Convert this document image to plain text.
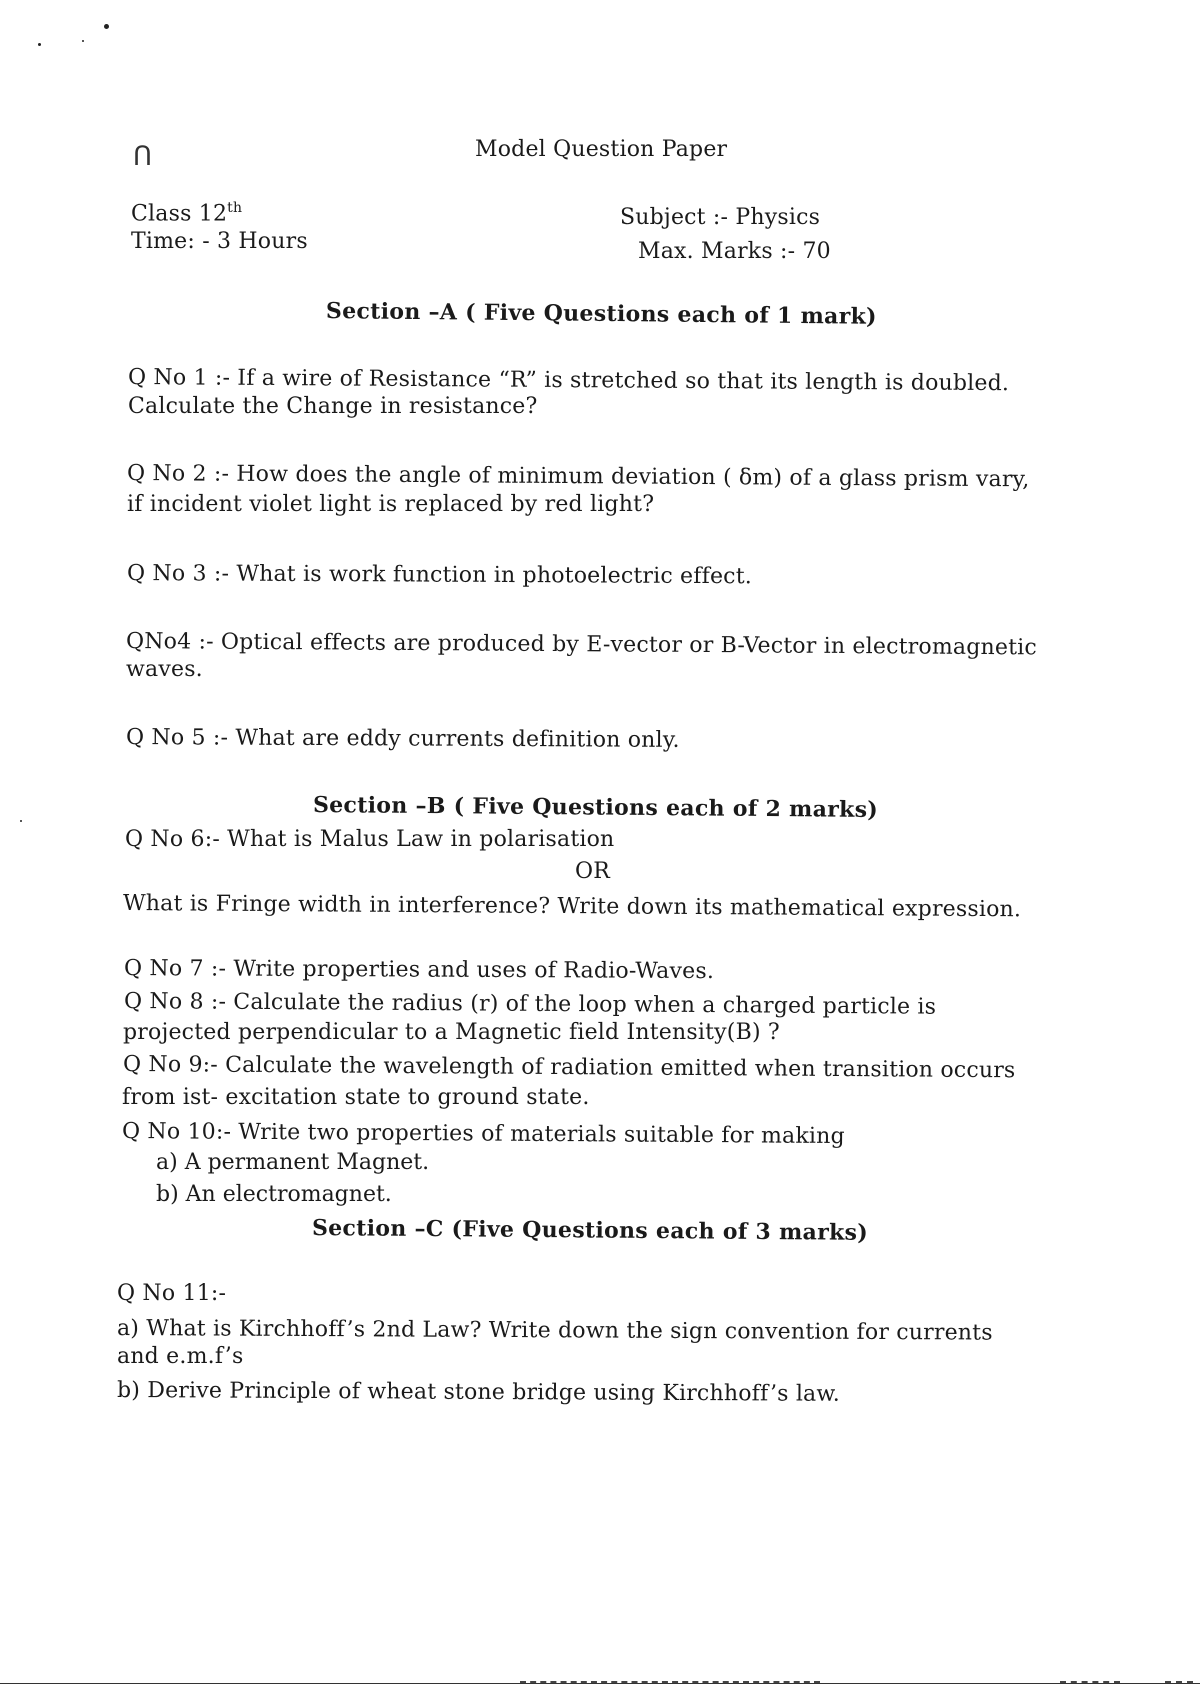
ᑎ	Model Question Paper
Class 12th
Time: - 3 Hours
Subject :- Physics
Max. Marks :- 70
Section –A ( Five Questions each of 1 mark)
Q No 1 :- If a wire of Resistance “R” is stretched so that its length is doubled.
Calculate the Change in resistance?
Q No 2 :- How does the angle of minimum deviation ( δm) of a glass prism vary,
if incident violet light is replaced by red light?
Q No 3 :- What is work function in photoelectric effect.
QNo4 :- Optical effects are produced by E-vector or B-Vector in electromagnetic
waves.
Q No 5 :- What are eddy currents definition only.
Section –B ( Five Questions each of 2 marks)
Q No 6:- What is Malus Law in polarisation
OR
What is Fringe width in interference? Write down its mathematical expression.
Q No 7 :- Write properties and uses of Radio-Waves.
Q No 8 :- Calculate the radius (r) of the loop when a charged particle is
projected perpendicular to a Magnetic field Intensity(B) ?
Q No 9:- Calculate the wavelength of radiation emitted when transition occurs
from ist- excitation state to ground state.
Q No 10:- Write two properties of materials suitable for making
a) A permanent Magnet.
b) An electromagnet.
Section –C (Five Questions each of 3 marks)
Q No 11:-
a) What is Kirchhoff’s 2nd Law? Write down the sign convention for currents
and e.m.f’s
b) Derive Principle of wheat stone bridge using Kirchhoff’s law.
